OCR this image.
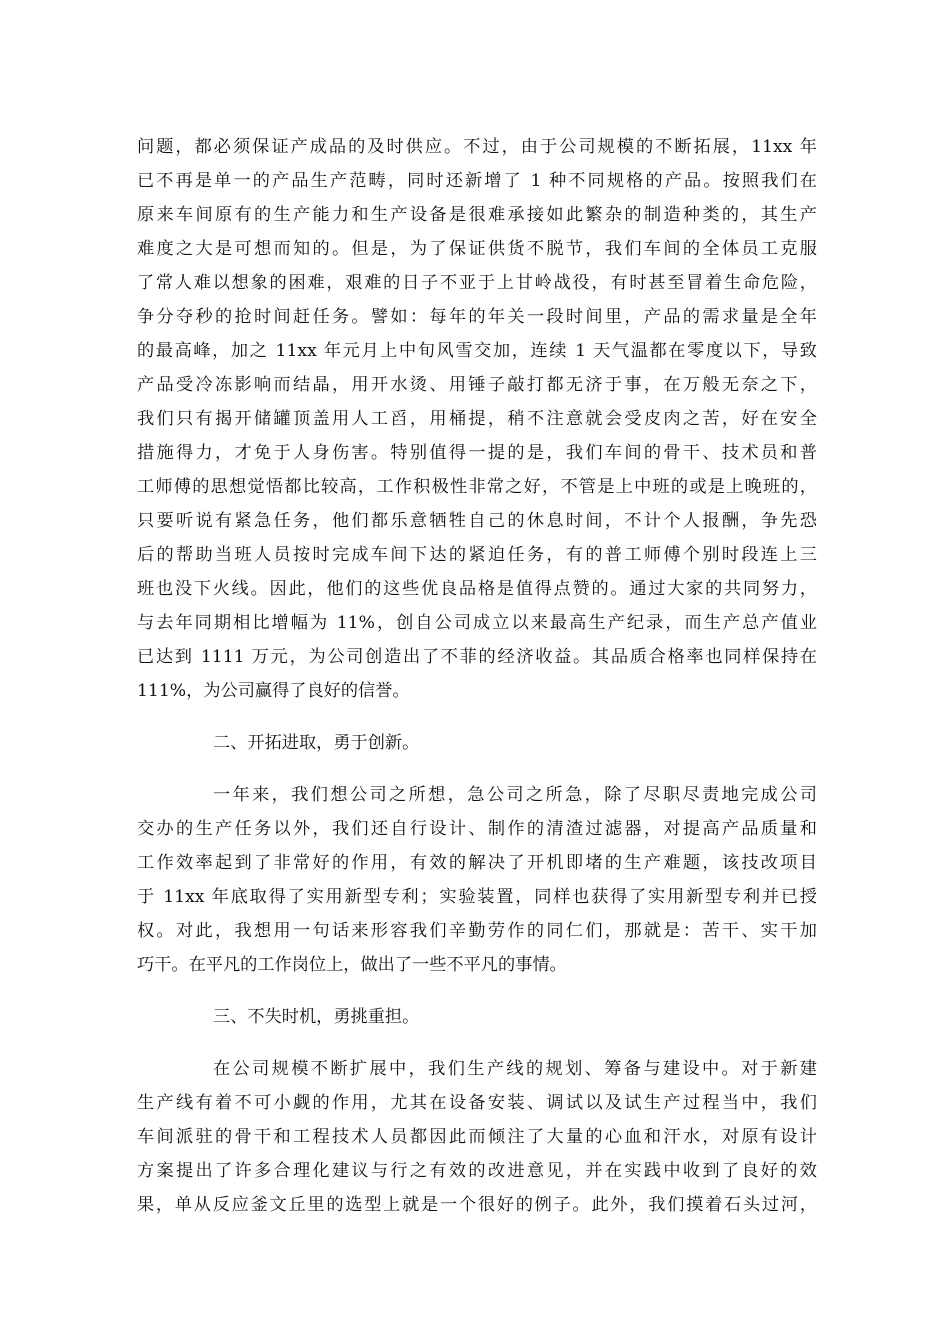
问题，都必须保证产成品的及时供应。不过，由于公司规模的不断拓展，11xx 年
已不再是单一的产品生产范畴，同时还新增了 1 种不同规格的产品。按照我们在
原来车间原有的生产能力和生产设备是很难承接如此繁杂的制造种类的，其生产
难度之大是可想而知的。但是，为了保证供货不脱节，我们车间的全体员工克服
了常人难以想象的困难，艰难的日子不亚于上甘岭战役，有时甚至冒着生命危险，
争分夺秒的抢时间赶任务。譬如：每年的年关一段时间里，产品的需求量是全年
的最高峰，加之 11xx 年元月上中旬风雪交加，连续 1 天气温都在零度以下，导致
产品受冷冻影响而结晶，用开水烫、用锤子敲打都无济于事，在万般无奈之下，
我们只有揭开储罐顶盖用人工舀，用桶提，稍不注意就会受皮肉之苦，好在安全
措施得力，才免于人身伤害。特别值得一提的是，我们车间的骨干、技术员和普
工师傅的思想觉悟都比较高，工作积极性非常之好，不管是上中班的或是上晚班的，
只要听说有紧急任务，他们都乐意牺牲自己的休息时间，不计个人报酬，争先恐
后的帮助当班人员按时完成车间下达的紧迫任务，有的普工师傅个别时段连上三
班也没下火线。因此，他们的这些优良品格是值得点赞的。通过大家的共同努力，
与去年同期相比增幅为 11%，创自公司成立以来最高生产纪录，而生产总产值业
已达到 1111 万元，为公司创造出了不菲的经济收益。其品质合格率也同样保持在
111%，为公司赢得了良好的信誉。
二、开拓进取，勇于创新。
一年来，我们想公司之所想，急公司之所急，除了尽职尽责地完成公司
交办的生产任务以外，我们还自行设计、制作的清渣过滤器，对提高产品质量和
工作效率起到了非常好的作用，有效的解决了开机即堵的生产难题，该技改项目
于 11xx 年底取得了实用新型专利；实验装置，同样也获得了实用新型专利并已授
权。对此，我想用一句话来形容我们辛勤劳作的同仁们，那就是：苦干、实干加
巧干。在平凡的工作岗位上，做出了一些不平凡的事情。
三、不失时机，勇挑重担。
在公司规模不断扩展中，我们生产线的规划、筹备与建设中。对于新建
生产线有着不可小觑的作用，尤其在设备安装、调试以及试生产过程当中，我们
车间派驻的骨干和工程技术人员都因此而倾注了大量的心血和汗水，对原有设计
方案提出了许多合理化建议与行之有效的改进意见，并在实践中收到了良好的效
果，单从反应釜文丘里的选型上就是一个很好的例子。此外，我们摸着石头过河，
